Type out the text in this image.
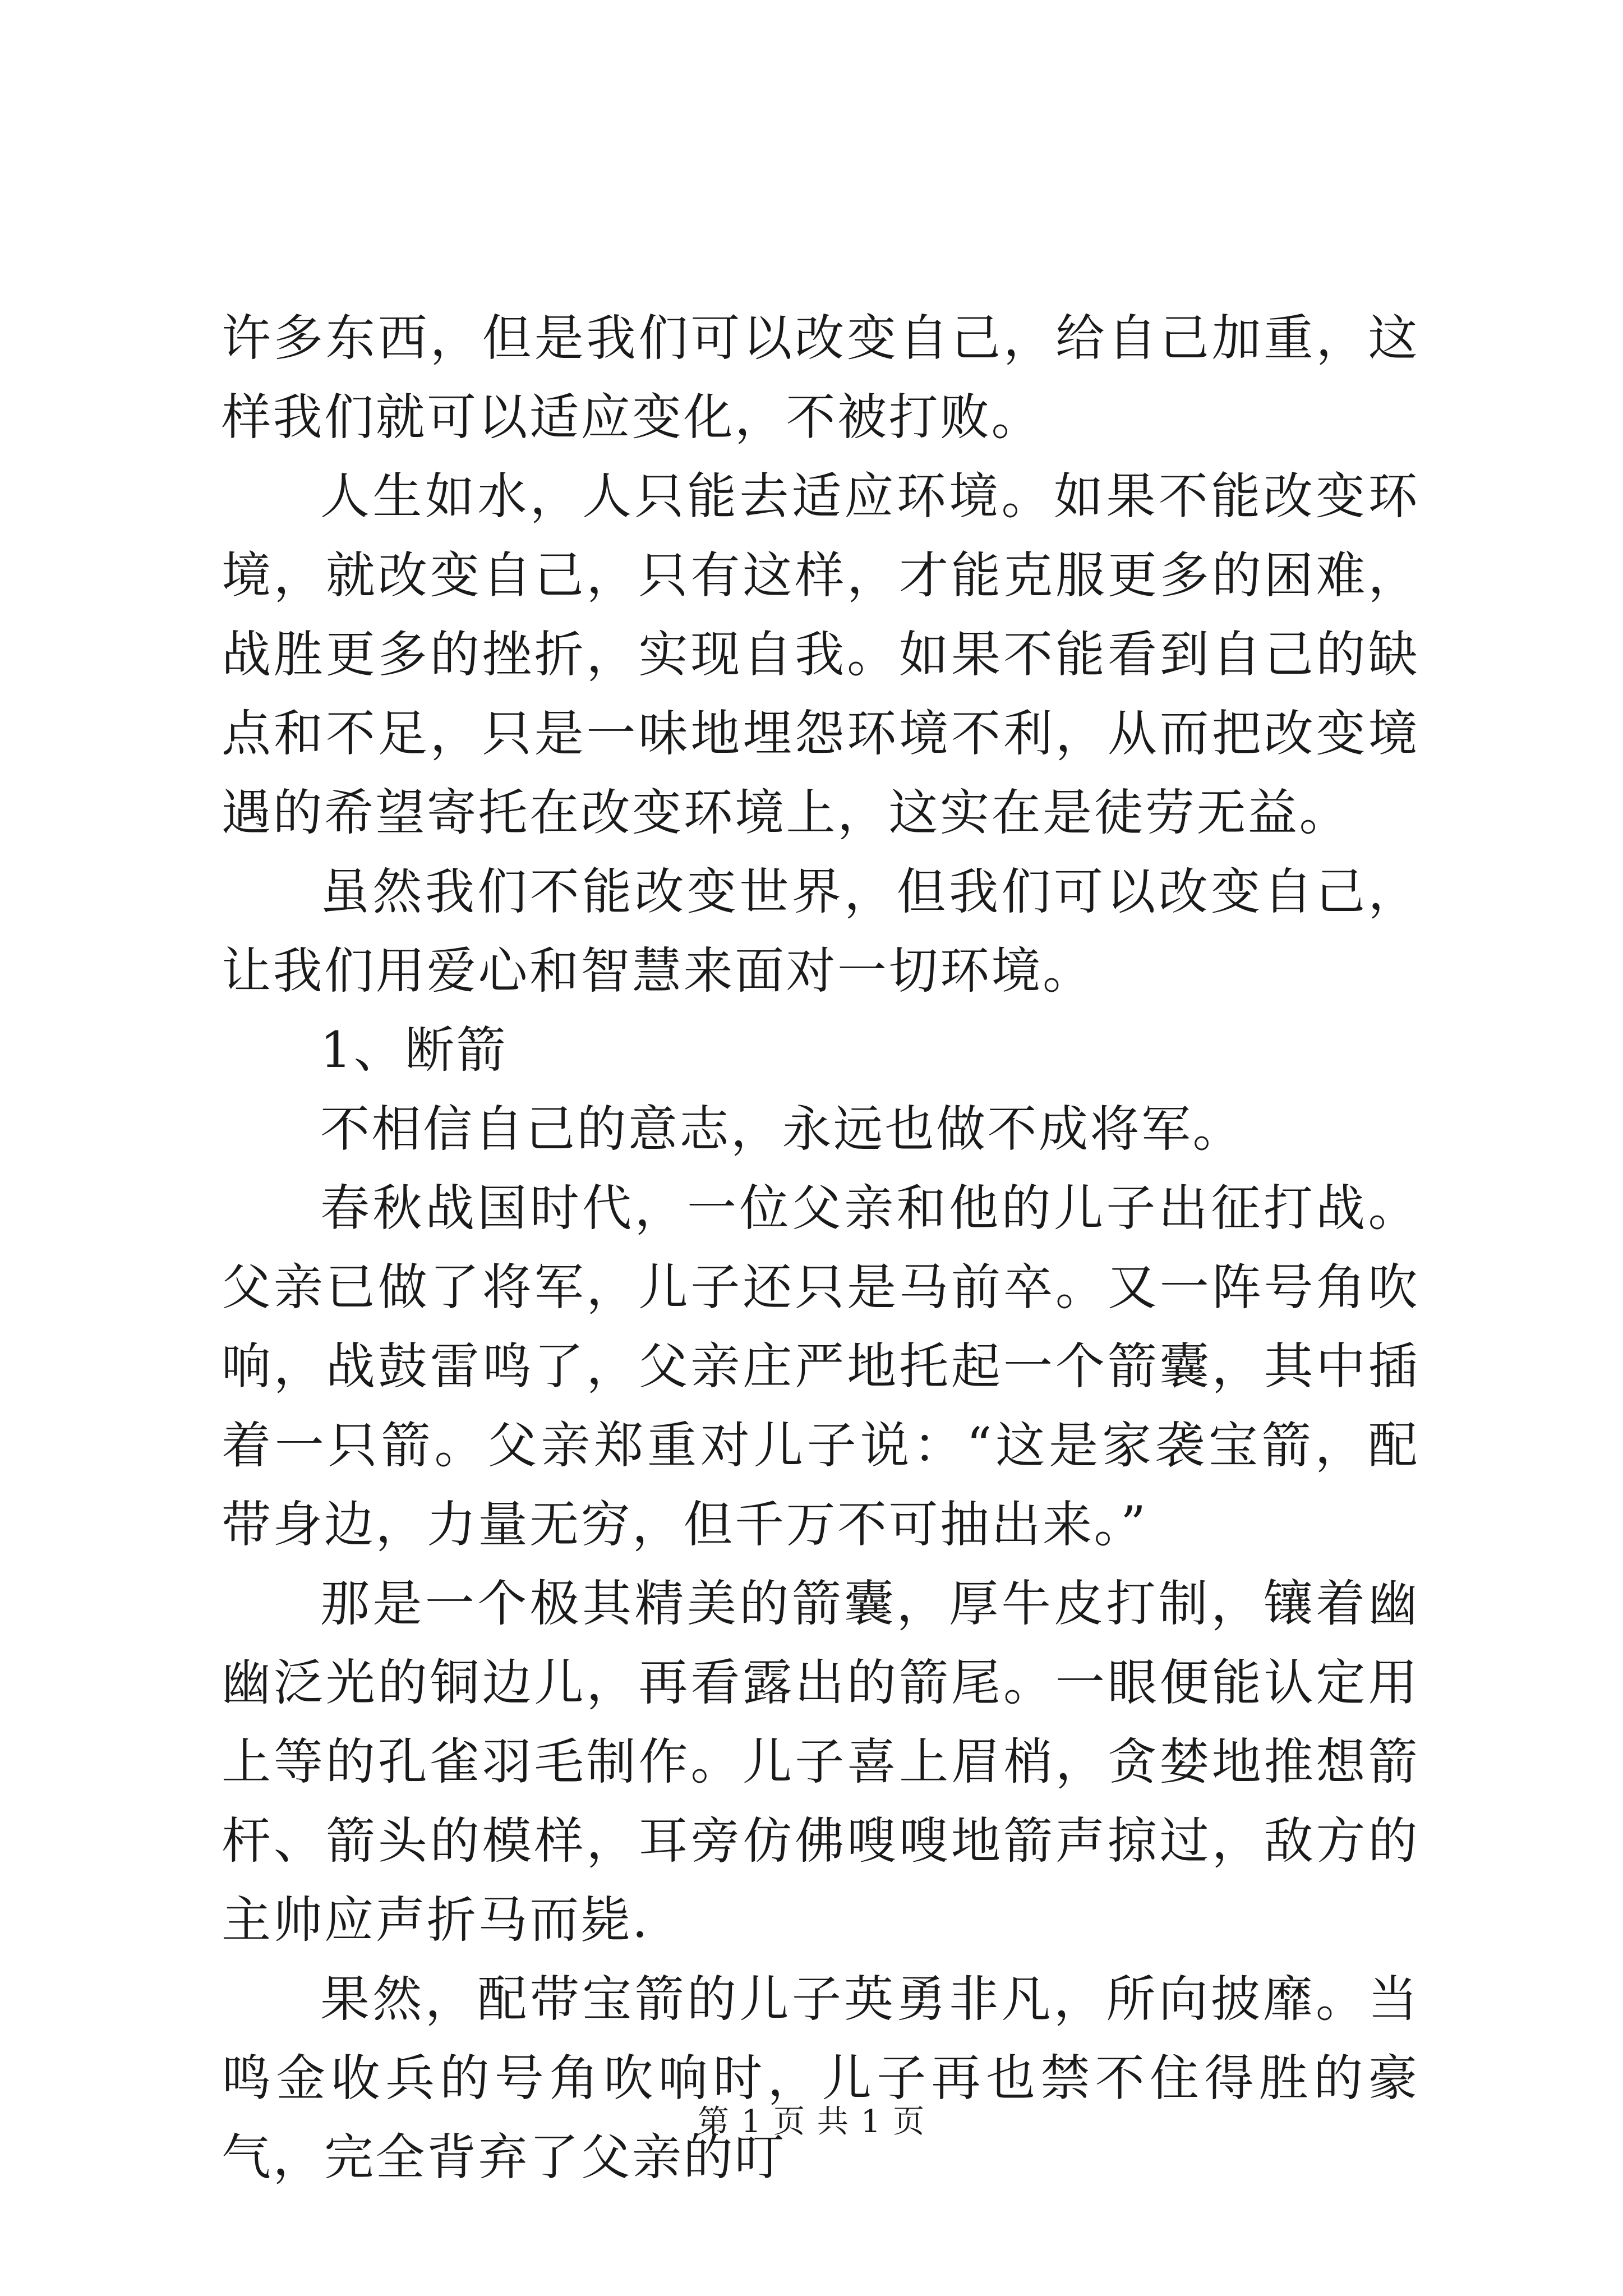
许多东西，但是我们可以改变自己，给自己加重，这样我们就可以适应变化，不被打败。

人生如水，人只能去适应环境。如果不能改变环境，就改变自己，只有这样，才能克服更多的困难，战胜更多的挫折，实现自我。如果不能看到自己的缺点和不足，只是一味地埋怨环境不利，从而把改变境遇的希望寄托在改变环境上，这实在是徒劳无益。

虽然我们不能改变世界，但我们可以改变自己，让我们用爱心和智慧来面对一切环境。

1、断箭

不相信自己的意志，永远也做不成将军。

春秋战国时代，一位父亲和他的儿子出征打战。父亲已做了将军，儿子还只是马前卒。又一阵号角吹响，战鼓雷鸣了，父亲庄严地托起一个箭囊，其中插着一只箭。父亲郑重对儿子说：“这是家袭宝箭，配带身边，力量无穷，但千万不可抽出来。”

那是一个极其精美的箭囊，厚牛皮打制，镶着幽幽泛光的铜边儿，再看露出的箭尾。一眼便能认定用上等的孔雀羽毛制作。儿子喜上眉梢，贪婪地推想箭杆、箭头的模样，耳旁仿佛嗖嗖地箭声掠过，敌方的主帅应声折马而毙.

果然，配带宝箭的儿子英勇非凡，所向披靡。当鸣金收兵的号角吹响时，儿子再也禁不住得胜的豪气，完全背弃了父亲的叮

第 1 页 共 1 页
